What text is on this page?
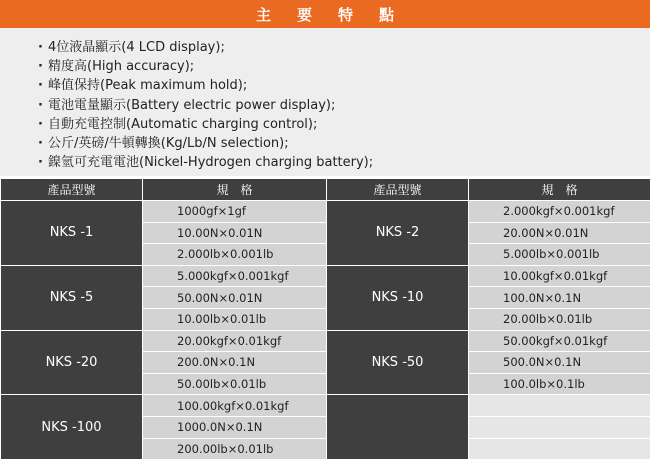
主要特點
· 4位液晶顯示(4 LCD display);
· 精度高(High accuracy);
· 峰值保持(Peak maximum hold);
· 電池電量顯示(Battery electric power display);
· 自動充電控制(Automatic charging control);
· 公斤/英磅/牛頓轉換(Kg/Lb/N selection);
· 鎳氫可充電電池(Nickel-Hydrogen charging battery);
產品型號	規　格	產品型號	規　格
NKS -1	1000gf×1gf	NKS -2	2.000kgf×0.001kgf
	10.00N×0.01N		20.00N×0.01N
	2.000lb×0.001lb		5.000lb×0.001lb
NKS -5	5.000kgf×0.001kgf	NKS -10	10.00kgf×0.01kgf
	50.00N×0.01N		100.0N×0.1N
	10.00lb×0.01lb		20.00lb×0.01lb
NKS -20	20.00kgf×0.01kgf	NKS -50	50.00kgf×0.01kgf
	200.0N×0.1N		500.0N×0.1N
	50.00lb×0.01lb		100.0lb×0.1lb
NKS -100	100.00kgf×0.01kgf		
	1000.0N×0.1N		
	200.00lb×0.01lb		
